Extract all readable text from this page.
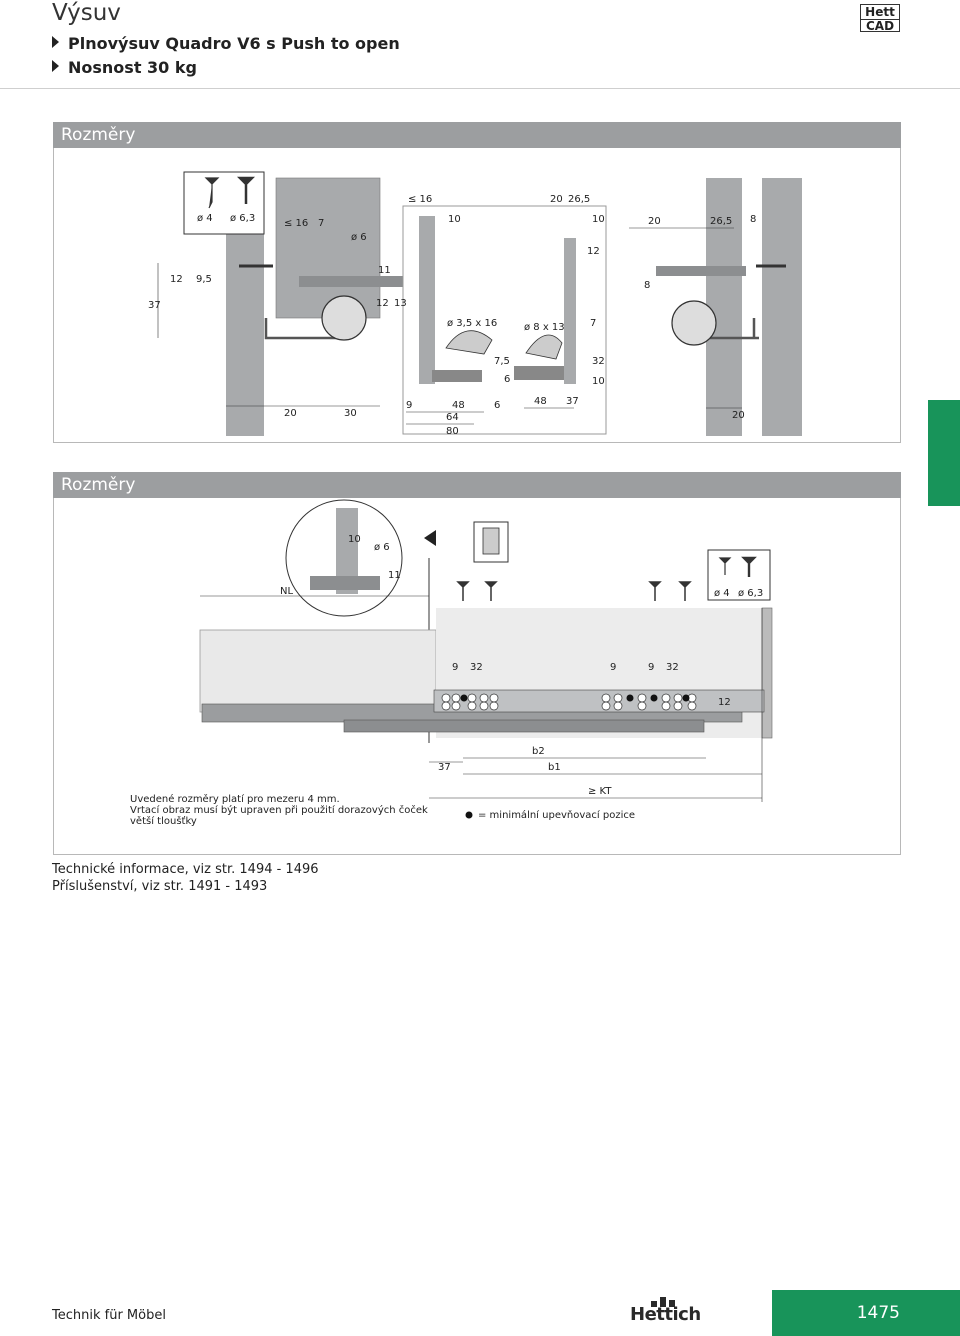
Výsuv
Plnovýsuv Quadro V6 s Push to open
Nosnost 30 kg
Hett
CAD
Rozměry
ø 4 ø 6,3
37
12 9,5
≤ 16 7
ø 6
11
12 13
20	30
≤ 16
10
ø 3,5 x 16
9	48
64
80
7,5
6
6
20 26,5
10
12
ø 8 x 13	7
32
10
48 37
20	26,5 8
8
20
Rozměry
10
ø 6
11
ø 4 ø 6,3
NL
9 32	9	9 32
12
37
b2
b1
≥ KT
Uvedené rozměry platí pro mezeru 4 mm.
Vrtací obraz musí být upraven při použití dorazových čoček
větší tloušťky
= minimální upevňovací pozice
Technické informace, viz str. 1494 - 1496
Příslušenství, viz str. 1491 - 1493
Technik für Möbel	Hettich	1475
